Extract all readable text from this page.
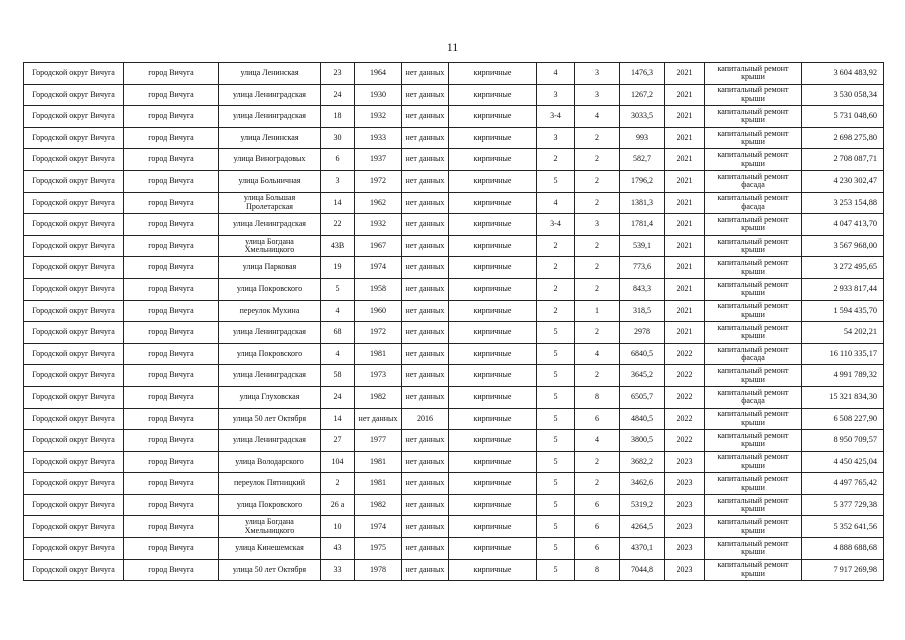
11
Городской округ Вичуга	город Вичуга	улица Ленинская	23	1964	нет данных	кирпичные	4	3	1476,3	2021	капитальный ремонт крыши	3 604 483,92
Городской округ Вичуга	город Вичуга	улица Ленинградская	24	1930	нет данных	кирпичные	3	3	1267,2	2021	капитальный ремонт крыши	3 530 058,34
Городской округ Вичуга	город Вичуга	улица Ленинградская	18	1932	нет данных	кирпичные	3-4	4	3033,5	2021	капитальный ремонт крыши	5 731 048,60
Городской округ Вичуга	город Вичуга	улица Ленинская	30	1933	нет данных	кирпичные	3	2	993	2021	капитальный ремонт крыши	2 698 275,80
Городской округ Вичуга	город Вичуга	улица Виноградовых	6	1937	нет данных	кирпичные	2	2	582,7	2021	капитальный ремонт крыши	2 708 087,71
Городской округ Вичуга	город Вичуга	улица Больничная	3	1972	нет данных	кирпичные	5	2	1796,2	2021	капитальный ремонт фасада	4 230 302,47
Городской округ Вичуга	город Вичуга	улица Большая Пролетарская	14	1962	нет данных	кирпичные	4	2	1381,3	2021	капитальный ремонт фасада	3 253 154,88
Городской округ Вичуга	город Вичуга	улица Ленинградская	22	1932	нет данных	кирпичные	3-4	3	1781,4	2021	капитальный ремонт крыши	4 047 413,70
Городской округ Вичуга	город Вичуга	улица Богдана Хмельницкого	43В	1967	нет данных	кирпичные	2	2	539,1	2021	капитальный ремонт крыши	3 567 968,00
Городской округ Вичуга	город Вичуга	улица Парковая	19	1974	нет данных	кирпичные	2	2	773,6	2021	капитальный ремонт крыши	3 272 495,65
Городской округ Вичуга	город Вичуга	улица Покровского	5	1958	нет данных	кирпичные	2	2	843,3	2021	капитальный ремонт крыши	2 933 817,44
Городской округ Вичуга	город Вичуга	переулок Мухина	4	1960	нет данных	кирпичные	2	1	318,5	2021	капитальный ремонт крыши	1 594 435,70
Городской округ Вичуга	город Вичуга	улица Ленинградская	68	1972	нет данных	кирпичные	5	2	2978	2021	капитальный ремонт крыши	54 202,21
Городской округ Вичуга	город Вичуга	улица Покровского	4	1981	нет данных	кирпичные	5	4	6840,5	2022	капитальный ремонт фасада	16 110 335,17
Городской округ Вичуга	город Вичуга	улица Ленинградская	58	1973	нет данных	кирпичные	5	2	3645,2	2022	капитальный ремонт крыши	4 991 789,32
Городской округ Вичуга	город Вичуга	улица Глуховская	24	1982	нет данных	кирпичные	5	8	6505,7	2022	капитальный ремонт фасада	15 321 834,30
Городской округ Вичуга	город Вичуга	улица 50 лет Октября	14	нет данных	2016	кирпичные	5	6	4840,5	2022	капитальный ремонт крыши	6 508 227,90
Городской округ Вичуга	город Вичуга	улица Ленинградская	27	1977	нет данных	кирпичные	5	4	3800,5	2022	капитальный ремонт крыши	8 950 709,57
Городской округ Вичуга	город Вичуга	улица Володарского	104	1981	нет данных	кирпичные	5	2	3682,2	2023	капитальный ремонт крыши	4 450 425,04
Городской округ Вичуга	город Вичуга	переулок Пятницкий	2	1981	нет данных	кирпичные	5	2	3462,6	2023	капитальный ремонт крыши	4 497 765,42
Городской округ Вичуга	город Вичуга	улица Покровского	26 а	1982	нет данных	кирпичные	5	6	5319,2	2023	капитальный ремонт крыши	5 377 729,38
Городской округ Вичуга	город Вичуга	улица Богдана Хмельницкого	10	1974	нет данных	кирпичные	5	6	4264,5	2023	капитальный ремонт крыши	5 352 641,56
Городской округ Вичуга	город Вичуга	улица Кинешемская	43	1975	нет данных	кирпичные	5	6	4370,1	2023	капитальный ремонт крыши	4 888 688,68
Городской округ Вичуга	город Вичуга	улица 50 лет Октября	33	1978	нет данных	кирпичные	5	8	7044,8	2023	капитальный ремонт крыши	7 917 269,98
